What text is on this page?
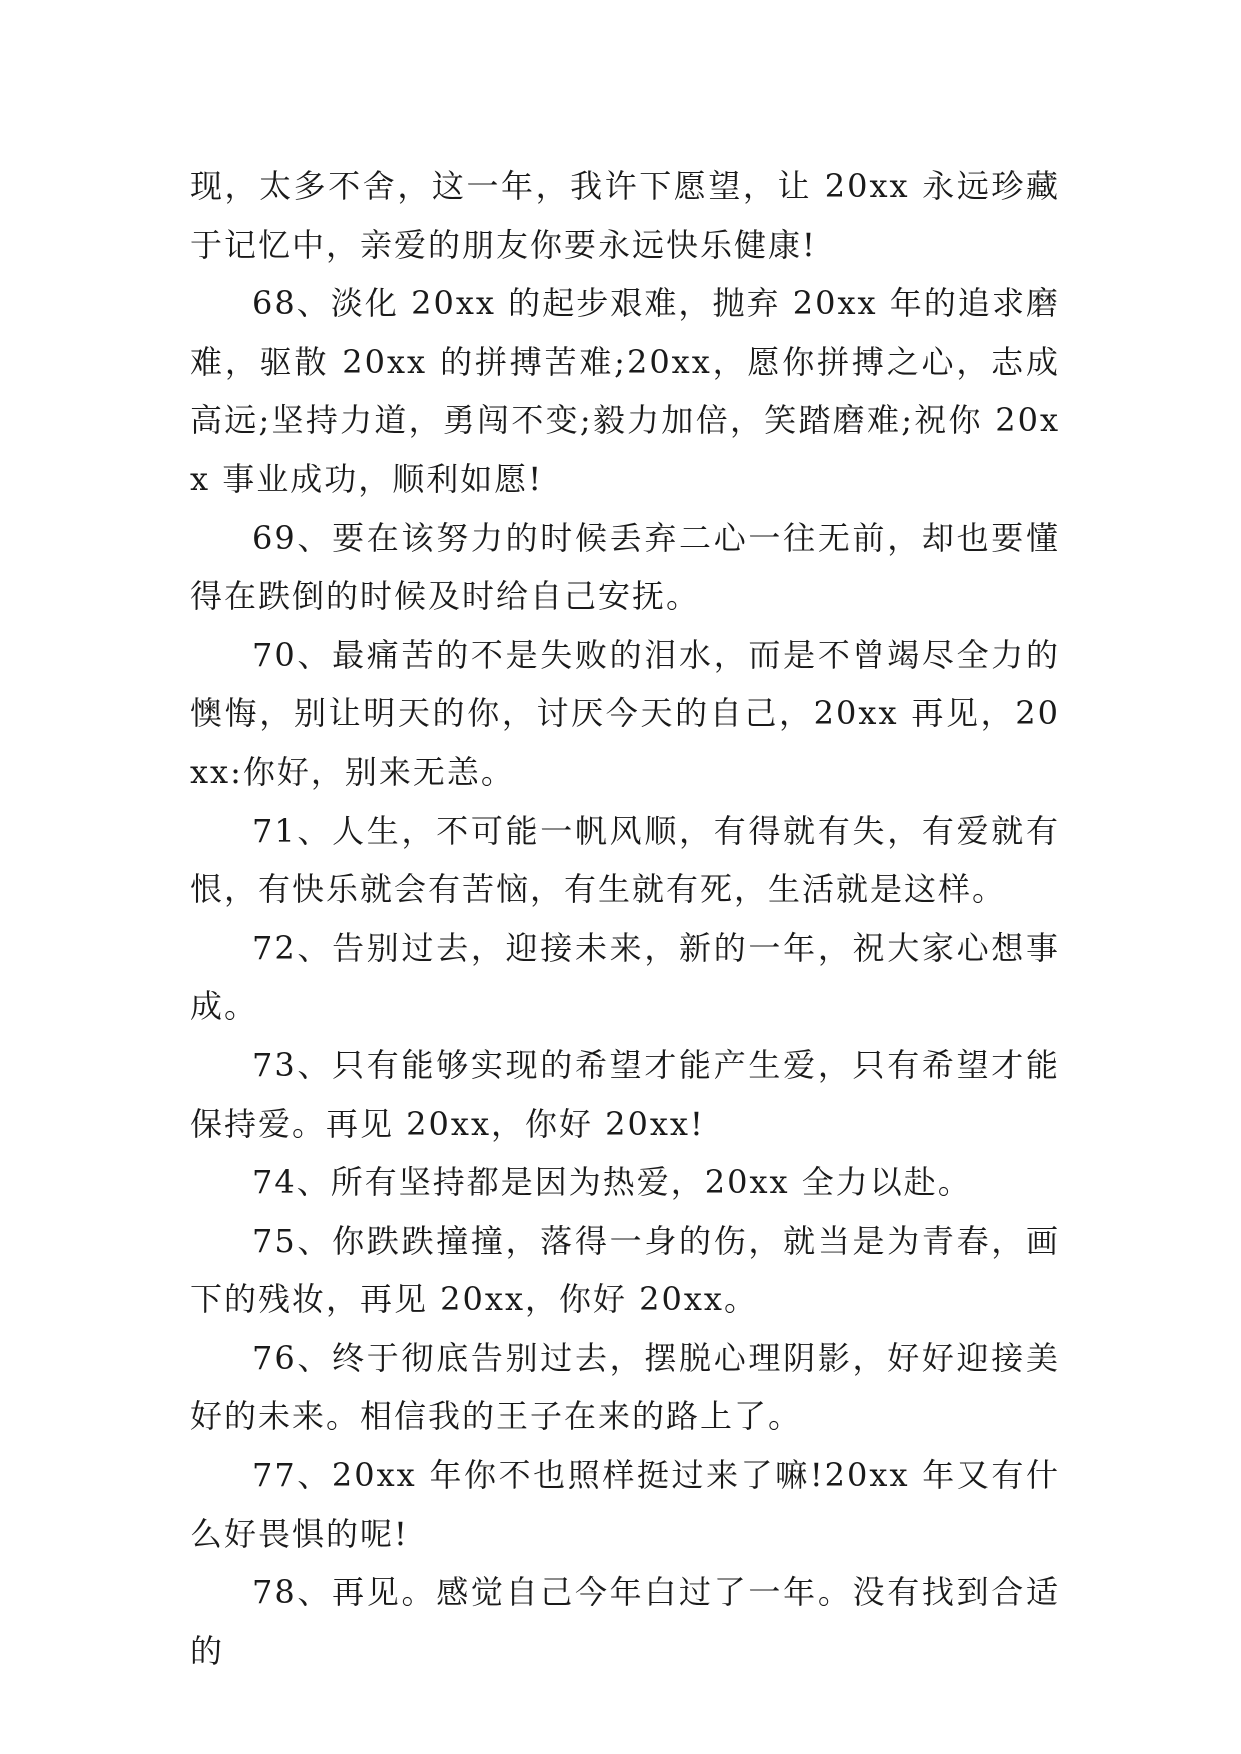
现，太多不舍，这一年，我许下愿望，让 20xx 永远珍藏于记忆中，亲爱的朋友你要永远快乐健康!

68、淡化 20xx 的起步艰难，抛弃 20xx 年的追求磨难，驱散 20xx 的拼搏苦难;20xx，愿你拼搏之心，志成高远;坚持力道，勇闯不变;毅力加倍，笑踏磨难;祝你 20xx 事业成功，顺利如愿!

69、要在该努力的时候丢弃二心一往无前，却也要懂得在跌倒的时候及时给自己安抚。

70、最痛苦的不是失败的泪水，而是不曾竭尽全力的懊悔，别让明天的你，讨厌今天的自己，20xx 再见，20xx:你好，别来无恙。

71、人生，不可能一帆风顺，有得就有失，有爱就有恨，有快乐就会有苦恼，有生就有死，生活就是这样。

72、告别过去，迎接未来，新的一年，祝大家心想事成。

73、只有能够实现的希望才能产生爱，只有希望才能保持爱。再见 20xx，你好 20xx!

74、所有坚持都是因为热爱，20xx 全力以赴。

75、你跌跌撞撞，落得一身的伤，就当是为青春，画下的残妆，再见 20xx，你好 20xx。

76、终于彻底告别过去，摆脱心理阴影，好好迎接美好的未来。相信我的王子在来的路上了。

77、20xx 年你不也照样挺过来了嘛!20xx 年又有什么好畏惧的呢!

78、再见。感觉自己今年白过了一年。没有找到合适的
